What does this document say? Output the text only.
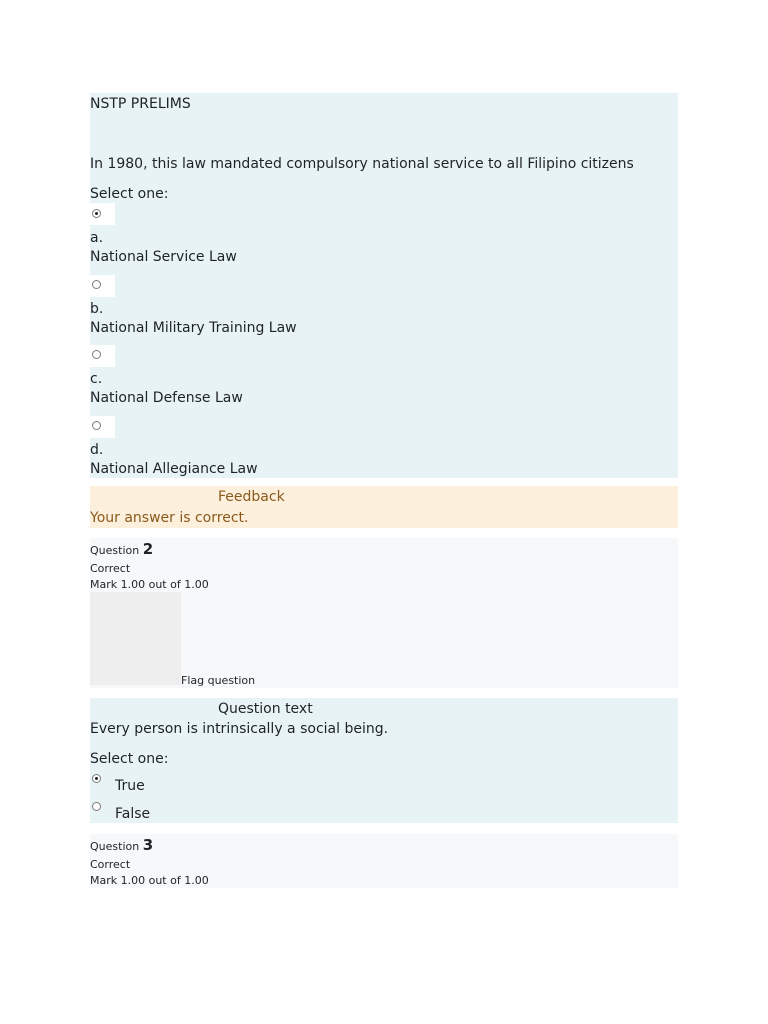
NSTP PRELIMS
In 1980, this law mandated compulsory national service to all Filipino citizens
Select one:
a.
National Service Law
b.
National Military Training Law
c.
National Defense Law
d.
National Allegiance Law
Feedback
Your answer is correct.
Question 2
Correct
Mark 1.00 out of 1.00
Flag question
Question text
Every person is intrinsically a social being.
Select one:
True
False
Question 3
Correct
Mark 1.00 out of 1.00
